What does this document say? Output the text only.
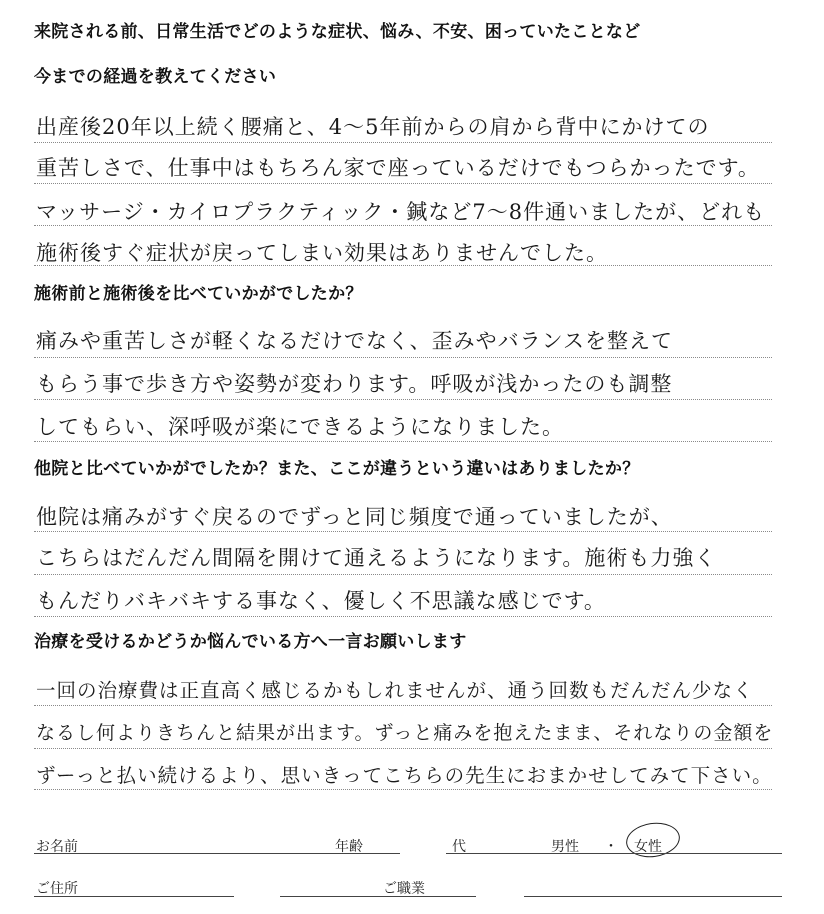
来院される前、日常生活でどのような症状、悩み、不安、困っていたことなど
今までの経過を教えてください
出産後20年以上続く腰痛と、4〜5年前からの肩から背中にかけての
重苦しさで、仕事中はもちろん家で座っているだけでもつらかったです。
マッサージ・カイロプラクティック・鍼など7〜8件通いましたが、どれも
施術後すぐ症状が戻ってしまい効果はありませんでした。
施術前と施術後を比べていかがでしたか？
痛みや重苦しさが軽くなるだけでなく、歪みやバランスを整えて
もらう事で歩き方や姿勢が変わります。呼吸が浅かったのも調整
してもらい、深呼吸が楽にできるようになりました。
他院と比べていかがでしたか？また、ここが違うという違いはありましたか？
他院は痛みがすぐ戻るのでずっと同じ頻度で通っていましたが、
こちらはだんだん間隔を開けて通えるようになります。施術も力強く
もんだりバキバキする事なく、優しく不思議な感じです。
治療を受けるかどうか悩んでいる方へ一言お願いします
一回の治療費は正直高く感じるかもしれませんが、通う回数もだんだん少なく
なるし何よりきちんと結果が出ます。ずっと痛みを抱えたまま、それなりの金額を
ずーっと払い続けるより、思いきってこちらの先生におまかせしてみて下さい。
お名前	年齢	代	男性 ・ 女性
ご住所	ご職業
